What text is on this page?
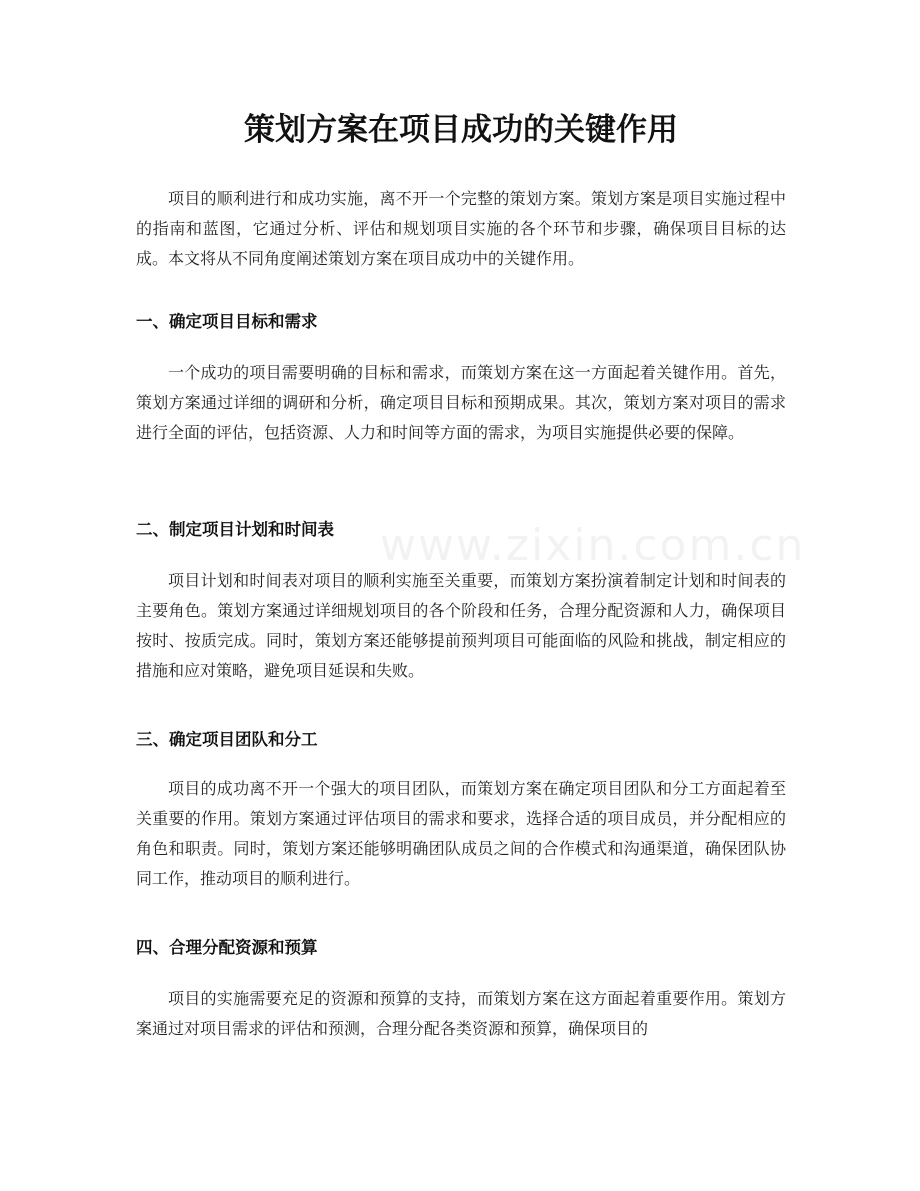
策划方案在项目成功的关键作用

项目的顺利进行和成功实施，离不开一个完整的策划方案。策划方案是项目实施过程中的指南和蓝图，它通过分析、评估和规划项目实施的各个环节和步骤，确保项目目标的达成。本文将从不同角度阐述策划方案在项目成功中的关键作用。

一、确定项目目标和需求

一个成功的项目需要明确的目标和需求，而策划方案在这一方面起着关键作用。首先，策划方案通过详细的调研和分析，确定项目目标和预期成果。其次，策划方案对项目的需求进行全面的评估，包括资源、人力和时间等方面的需求，为项目实施提供必要的保障。

二、制定项目计划和时间表

项目计划和时间表对项目的顺利实施至关重要，而策划方案扮演着制定计划和时间表的主要角色。策划方案通过详细规划项目的各个阶段和任务，合理分配资源和人力，确保项目按时、按质完成。同时，策划方案还能够提前预判项目可能面临的风险和挑战，制定相应的措施和应对策略，避免项目延误和失败。

三、确定项目团队和分工

项目的成功离不开一个强大的项目团队，而策划方案在确定项目团队和分工方面起着至关重要的作用。策划方案通过评估项目的需求和要求，选择合适的项目成员，并分配相应的角色和职责。同时，策划方案还能够明确团队成员之间的合作模式和沟通渠道，确保团队协同工作，推动项目的顺利进行。

四、合理分配资源和预算

项目的实施需要充足的资源和预算的支持，而策划方案在这方面起着重要作用。策划方案通过对项目需求的评估和预测，合理分配各类资源和预算，确保项目的

www.zixin.com.cn
